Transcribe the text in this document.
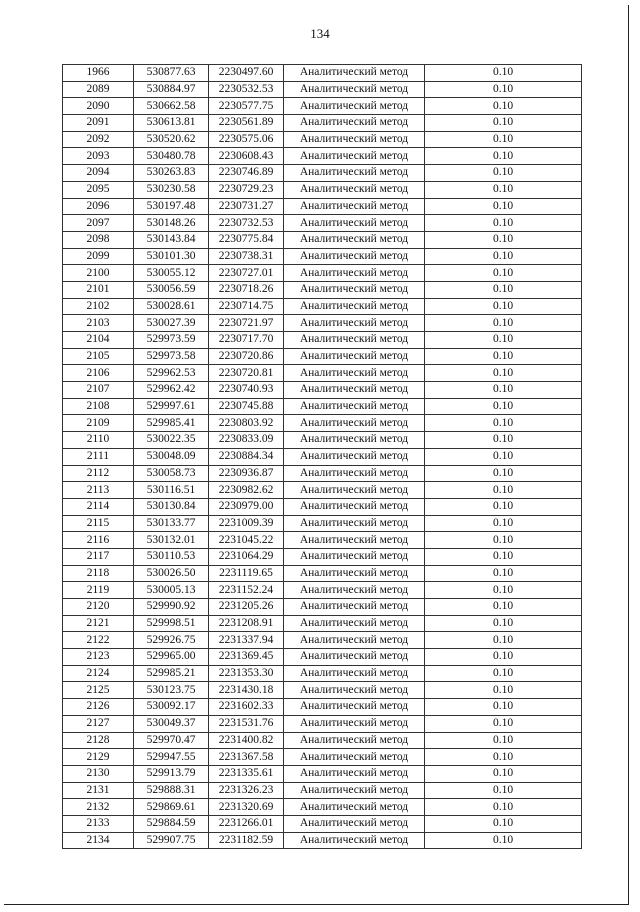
134
1966	530877.63	2230497.60	Аналитический метод	0.10
2089	530884.97	2230532.53	Аналитический метод	0.10
2090	530662.58	2230577.75	Аналитический метод	0.10
2091	530613.81	2230561.89	Аналитический метод	0.10
2092	530520.62	2230575.06	Аналитический метод	0.10
2093	530480.78	2230608.43	Аналитический метод	0.10
2094	530263.83	2230746.89	Аналитический метод	0.10
2095	530230.58	2230729.23	Аналитический метод	0.10
2096	530197.48	2230731.27	Аналитический метод	0.10
2097	530148.26	2230732.53	Аналитический метод	0.10
2098	530143.84	2230775.84	Аналитический метод	0.10
2099	530101.30	2230738.31	Аналитический метод	0.10
2100	530055.12	2230727.01	Аналитический метод	0.10
2101	530056.59	2230718.26	Аналитический метод	0.10
2102	530028.61	2230714.75	Аналитический метод	0.10
2103	530027.39	2230721.97	Аналитический метод	0.10
2104	529973.59	2230717.70	Аналитический метод	0.10
2105	529973.58	2230720.86	Аналитический метод	0.10
2106	529962.53	2230720.81	Аналитический метод	0.10
2107	529962.42	2230740.93	Аналитический метод	0.10
2108	529997.61	2230745.88	Аналитический метод	0.10
2109	529985.41	2230803.92	Аналитический метод	0.10
2110	530022.35	2230833.09	Аналитический метод	0.10
2111	530048.09	2230884.34	Аналитический метод	0.10
2112	530058.73	2230936.87	Аналитический метод	0.10
2113	530116.51	2230982.62	Аналитический метод	0.10
2114	530130.84	2230979.00	Аналитический метод	0.10
2115	530133.77	2231009.39	Аналитический метод	0.10
2116	530132.01	2231045.22	Аналитический метод	0.10
2117	530110.53	2231064.29	Аналитический метод	0.10
2118	530026.50	2231119.65	Аналитический метод	0.10
2119	530005.13	2231152.24	Аналитический метод	0.10
2120	529990.92	2231205.26	Аналитический метод	0.10
2121	529998.51	2231208.91	Аналитический метод	0.10
2122	529926.75	2231337.94	Аналитический метод	0.10
2123	529965.00	2231369.45	Аналитический метод	0.10
2124	529985.21	2231353.30	Аналитический метод	0.10
2125	530123.75	2231430.18	Аналитический метод	0.10
2126	530092.17	2231602.33	Аналитический метод	0.10
2127	530049.37	2231531.76	Аналитический метод	0.10
2128	529970.47	2231400.82	Аналитический метод	0.10
2129	529947.55	2231367.58	Аналитический метод	0.10
2130	529913.79	2231335.61	Аналитический метод	0.10
2131	529888.31	2231326.23	Аналитический метод	0.10
2132	529869.61	2231320.69	Аналитический метод	0.10
2133	529884.59	2231266.01	Аналитический метод	0.10
2134	529907.75	2231182.59	Аналитический метод	0.10
